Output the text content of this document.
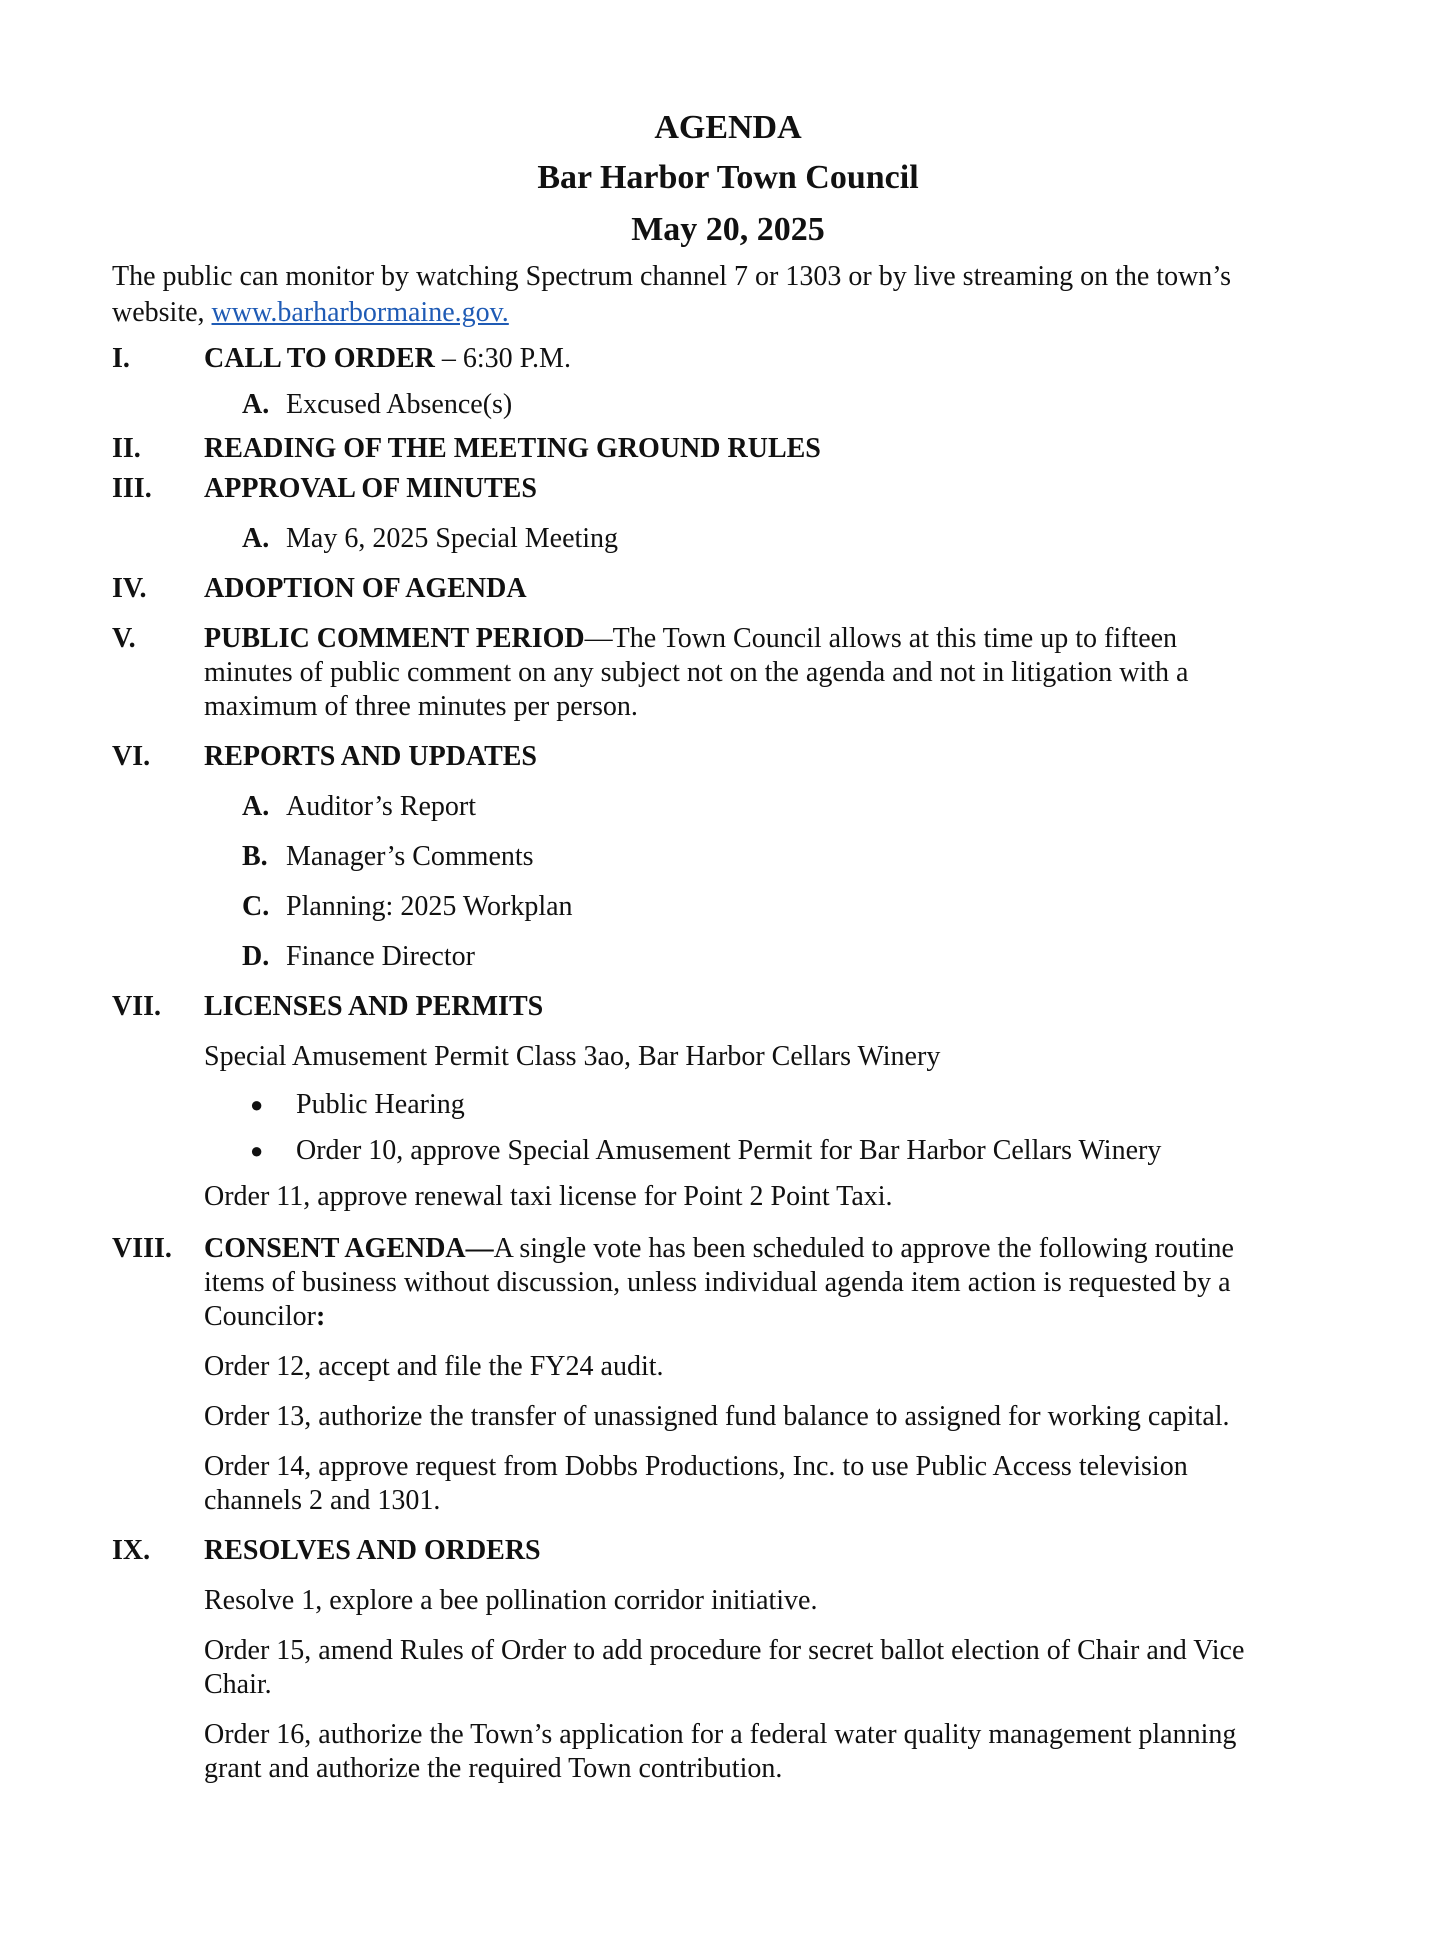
AGENDA
Bar Harbor Town Council
May 20, 2025
The public can monitor by watching Spectrum channel 7 or 1303 or by live streaming on the town’s
website, www.barharbormaine.gov.
I.	CALL TO ORDER – 6:30 P.M.
A. Excused Absence(s)
II. READING OF THE MEETING GROUND RULES
III. APPROVAL OF MINUTES
A. May 6, 2025 Special Meeting
IV. ADOPTION OF AGENDA
V. PUBLIC COMMENT PERIOD—The Town Council allows at this time up to fifteen
minutes of public comment on any subject not on the agenda and not in litigation with a
maximum of three minutes per person.
VI. REPORTS AND UPDATES
A. Auditor’s Report
B. Manager’s Comments
C. Planning: 2025 Workplan
D. Finance Director
VII. LICENSES AND PERMITS
Special Amusement Permit Class 3ao, Bar Harbor Cellars Winery
● Public Hearing
● Order 10, approve Special Amusement Permit for Bar Harbor Cellars Winery
Order 11, approve renewal taxi license for Point 2 Point Taxi.
VIII. CONSENT AGENDA—A single vote has been scheduled to approve the following routine
items of business without discussion, unless individual agenda item action is requested by a
Councilor:
Order 12, accept and file the FY24 audit.
Order 13, authorize the transfer of unassigned fund balance to assigned for working capital.
Order 14, approve request from Dobbs Productions, Inc. to use Public Access television
channels 2 and 1301.
IX. RESOLVES AND ORDERS
Resolve 1, explore a bee pollination corridor initiative.
Order 15, amend Rules of Order to add procedure for secret ballot election of Chair and Vice
Chair.
Order 16, authorize the Town’s application for a federal water quality management planning
grant and authorize the required Town contribution.
